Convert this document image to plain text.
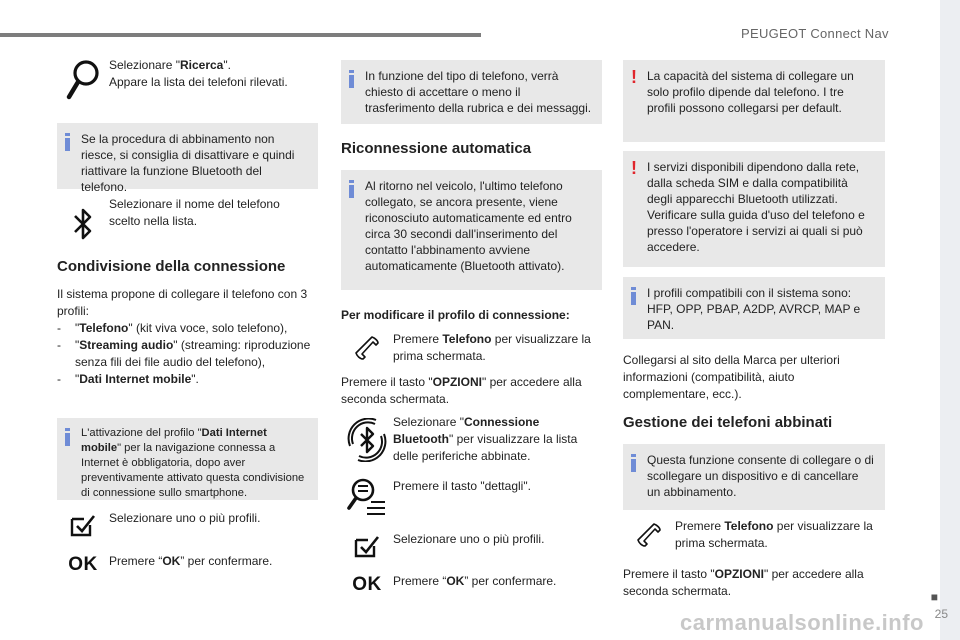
PEUGEOT Connect Nav
■
25
Selezionare "Ricerca".
Appare la lista dei telefoni rilevati.
Se la procedura di abbinamento non riesce, si consiglia di disattivare e quindi riattivare la funzione Bluetooth del telefono.
Selezionare il nome del telefono scelto nella lista.
Condivisione della connessione
Il sistema propone di collegare il telefono con 3 profili:
-	"Telefono" (kit viva voce, solo telefono),
-	"Streaming audio" (streaming: riproduzione senza fili dei file audio del telefono),
-	"Dati Internet mobile".
L'attivazione del profilo "Dati Internet mobile" per la navigazione connessa a Internet è obbligatoria, dopo aver preventivamente attivato questa condivisione di connessione sullo smartphone.
Selezionare uno o più profili.
OK Premere “OK” per confermare.
In funzione del tipo di telefono, verrà chiesto di accettare o meno il trasferimento della rubrica e dei messaggi.
Riconnessione automatica
Al ritorno nel veicolo, l'ultimo telefono collegato, se ancora presente, viene riconosciuto automaticamente ed entro circa 30 secondi dall'inserimento del contatto l'abbinamento avviene automaticamente (Bluetooth attivato).
Per modificare il profilo di connessione:
Premere Telefono per visualizzare la prima schermata.
Premere il tasto "OPZIONI" per accedere alla seconda schermata.
Selezionare "Connessione Bluetooth" per visualizzare la lista delle periferiche abbinate.
Premere il tasto "dettagli".
Selezionare uno o più profili.
OK Premere “OK” per confermare.
! La capacità del sistema di collegare un solo profilo dipende dal telefono. I tre profili possono collegarsi per default.
! I servizi disponibili dipendono dalla rete, dalla scheda SIM e dalla compatibilità degli apparecchi Bluetooth utilizzati. Verificare sulla guida d'uso del telefono e presso l'operatore i servizi ai quali si può accedere.
I profili compatibili con il sistema sono: HFP, OPP, PBAP, A2DP, AVRCP, MAP e PAN.
Collegarsi al sito della Marca per ulteriori informazioni (compatibilità, aiuto complementare, ecc.).
Gestione dei telefoni abbinati
Questa funzione consente di collegare o di scollegare un dispositivo e di cancellare un abbinamento.
Premere Telefono per visualizzare la prima schermata.
Premere il tasto "OPZIONI" per accedere alla seconda schermata.
carmanualsonline.info
